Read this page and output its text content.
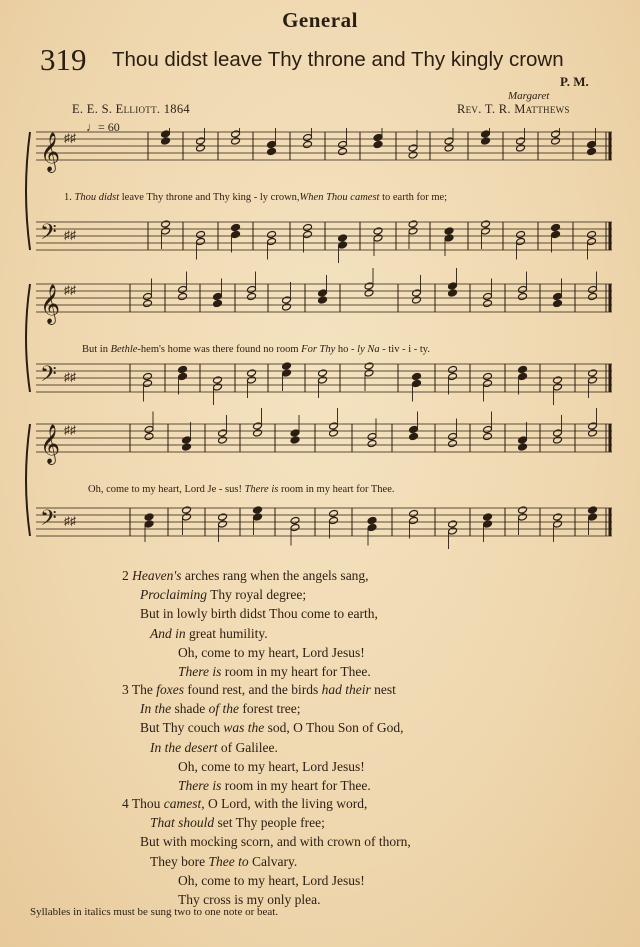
General
319 Thou didst leave Thy throne and Thy kingly crown
P. M.
Margaret
E. E. S. Elliott. 1864	Rev. T. R. Matthews
♩= 60
𝄞 ♯♯
𝄢 ♯♯
𝄞 ♯♯
𝄢 ♯♯
𝄞 ♯♯
𝄢 ♯♯
1. Thou didst leave Thy throne and Thy king - ly crown,When Thou camest to earth for me;
But in Bethle-hem's home was there found no room For Thy ho - ly Na - tiv - i - ty.
Oh, come to my heart, Lord Je - sus! There is room in my heart for Thee.
2 Heaven's arches rang when the angels sang,
Proclaiming Thy royal degree;
But in lowly birth didst Thou come to earth,
And in great humility.
Oh, come to my heart, Lord Jesus!
There is room in my heart for Thee.
3 The foxes found rest, and the birds had their nest
In the shade of the forest tree;
But Thy couch was the sod, O Thou Son of God,
In the desert of Galilee.
Oh, come to my heart, Lord Jesus!
There is room in my heart for Thee.
4 Thou camest, O Lord, with the living word,
That should set Thy people free;
But with mocking scorn, and with crown of thorn,
They bore Thee to Calvary.
Oh, come to my heart, Lord Jesus!
Thy cross is my only plea.
Syllables in italics must be sung two to one note or beat.
